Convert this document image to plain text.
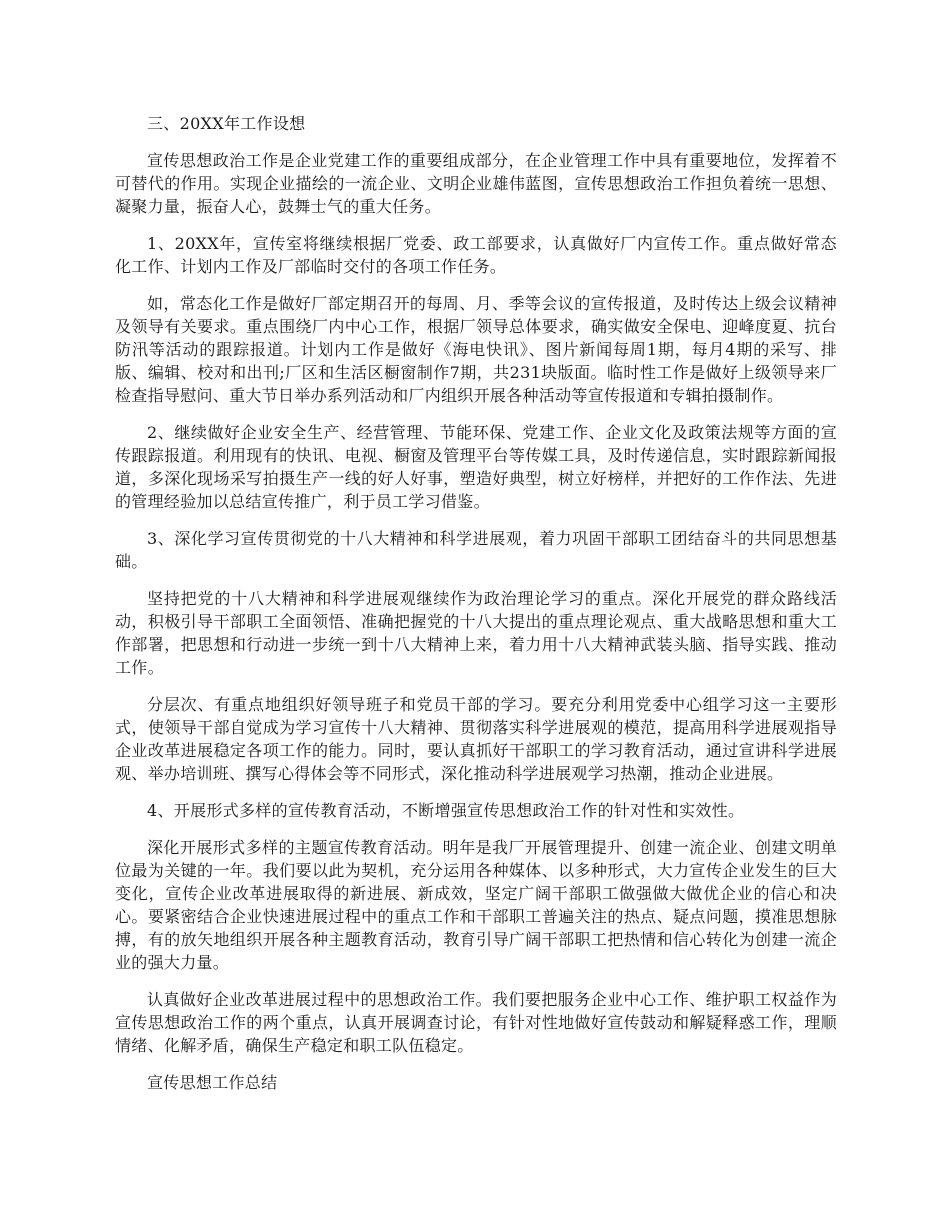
三、20XX年工作设想

宣传思想政治工作是企业党建工作的重要组成部分，在企业管理工作中具有重要地位，发挥着不可替代的作用。实现企业描绘的一流企业、文明企业雄伟蓝图，宣传思想政治工作担负着统一思想、凝聚力量，振奋人心，鼓舞士气的重大任务。

1、20XX年，宣传室将继续根据厂党委、政工部要求，认真做好厂内宣传工作。重点做好常态化工作、计划内工作及厂部临时交付的各项工作任务。

如，常态化工作是做好厂部定期召开的每周、月、季等会议的宣传报道，及时传达上级会议精神及领导有关要求。重点围绕厂内中心工作，根据厂领导总体要求，确实做安全保电、迎峰度夏、抗台防汛等活动的跟踪报道。计划内工作是做好《海电快讯》、图片新闻每周1期，每月4期的采写、排版、编辑、校对和出刊;厂区和生活区橱窗制作7期，共231块版面。临时性工作是做好上级领导来厂检查指导慰问、重大节日举办系列活动和厂内组织开展各种活动等宣传报道和专辑拍摄制作。

2、继续做好企业安全生产、经营管理、节能环保、党建工作、企业文化及政策法规等方面的宣传跟踪报道。利用现有的快讯、电视、橱窗及管理平台等传媒工具，及时传递信息，实时跟踪新闻报道，多深化现场采写拍摄生产一线的好人好事，塑造好典型，树立好榜样，并把好的工作作法、先进的管理经验加以总结宣传推广，利于员工学习借鉴。

3、深化学习宣传贯彻党的十八大精神和科学进展观，着力巩固干部职工团结奋斗的共同思想基础。

坚持把党的十八大精神和科学进展观继续作为政治理论学习的重点。深化开展党的群众路线活动，积极引导干部职工全面领悟、准确把握党的十八大提出的重点理论观点、重大战略思想和重大工作部署，把思想和行动进一步统一到十八大精神上来，着力用十八大精神武装头脑、指导实践、推动工作。

分层次、有重点地组织好领导班子和党员干部的学习。要充分利用党委中心组学习这一主要形式，使领导干部自觉成为学习宣传十八大精神、贯彻落实科学进展观的模范，提高用科学进展观指导企业改革进展稳定各项工作的能力。同时，要认真抓好干部职工的学习教育活动，通过宣讲科学进展观、举办培训班、撰写心得体会等不同形式，深化推动科学进展观学习热潮，推动企业进展。

4、开展形式多样的宣传教育活动，不断增强宣传思想政治工作的针对性和实效性。

深化开展形式多样的主题宣传教育活动。明年是我厂开展管理提升、创建一流企业、创建文明单位最为关键的一年。我们要以此为契机，充分运用各种媒体、以多种形式，大力宣传企业发生的巨大变化，宣传企业改革进展取得的新进展、新成效，坚定广阔干部职工做强做大做优企业的信心和决心。要紧密结合企业快速进展过程中的重点工作和干部职工普遍关注的热点、疑点问题，摸准思想脉搏，有的放矢地组织开展各种主题教育活动，教育引导广阔干部职工把热情和信心转化为创建一流企业的强大力量。

认真做好企业改革进展过程中的思想政治工作。我们要把服务企业中心工作、维护职工权益作为宣传思想政治工作的两个重点，认真开展调查讨论，有针对性地做好宣传鼓动和解疑释惑工作，理顺情绪、化解矛盾，确保生产稳定和职工队伍稳定。

宣传思想工作总结
